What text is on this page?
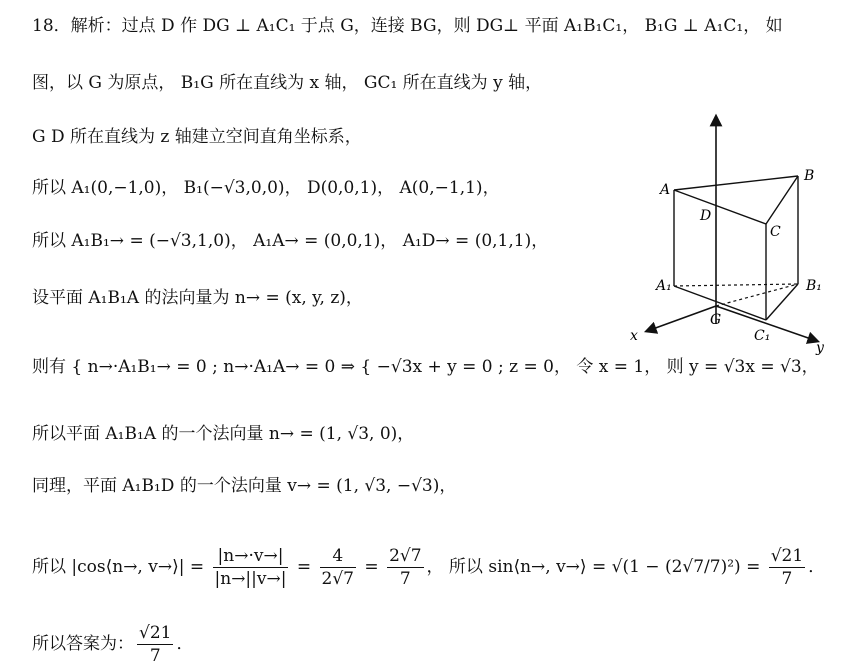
18．解析：过点 D 作 DG ⊥ A₁C₁ 于点 G，连接 BG，则 DG⊥ 平面 A₁B₁C₁， B₁G ⊥ A₁C₁， 如
图，以 G 为原点， B₁G 所在直线为 x 轴， GC₁ 所在直线为 y 轴，
G D 所在直线为 z 轴建立空间直角坐标系，
所以 A₁(0,−1,0)， B₁(−√3,0,0)， D(0,0,1)， A(0,−1,1)，
所以 A₁B₁→ = (−√3,1,0)， A₁A→ = (0,0,1)， A₁D→ = (0,1,1)，
设平面 A₁B₁A 的法向量为 n→ = (x, y, z)，
则有 { n→·A₁B₁→ = 0 ; n→·A₁A→ = 0 ⇒ { −√3x + y = 0 ; z = 0， 令 x = 1， 则 y = √3x = √3，
所以平面 A₁B₁A 的一个法向量 n→ = (1, √3, 0)，
同理，平面 A₁B₁D 的一个法向量 v→ = (1, √3, −√3)，
所以 |cos⟨n→, v→⟩| = $\frac{|n\to\cdot v\to|}{|n\to||v\to|} = \frac{4}{2√7} = \frac{2√7}{7}$ ， 所以 sin⟨n→, v→⟩ = $√(1 - (2√7/7)^2) = \frac{√21}{7}$ ．
所以答案为： $\frac{√21}{7}$ ．
A
B
C
D
A₁	B₁
C₁
G
x
y
